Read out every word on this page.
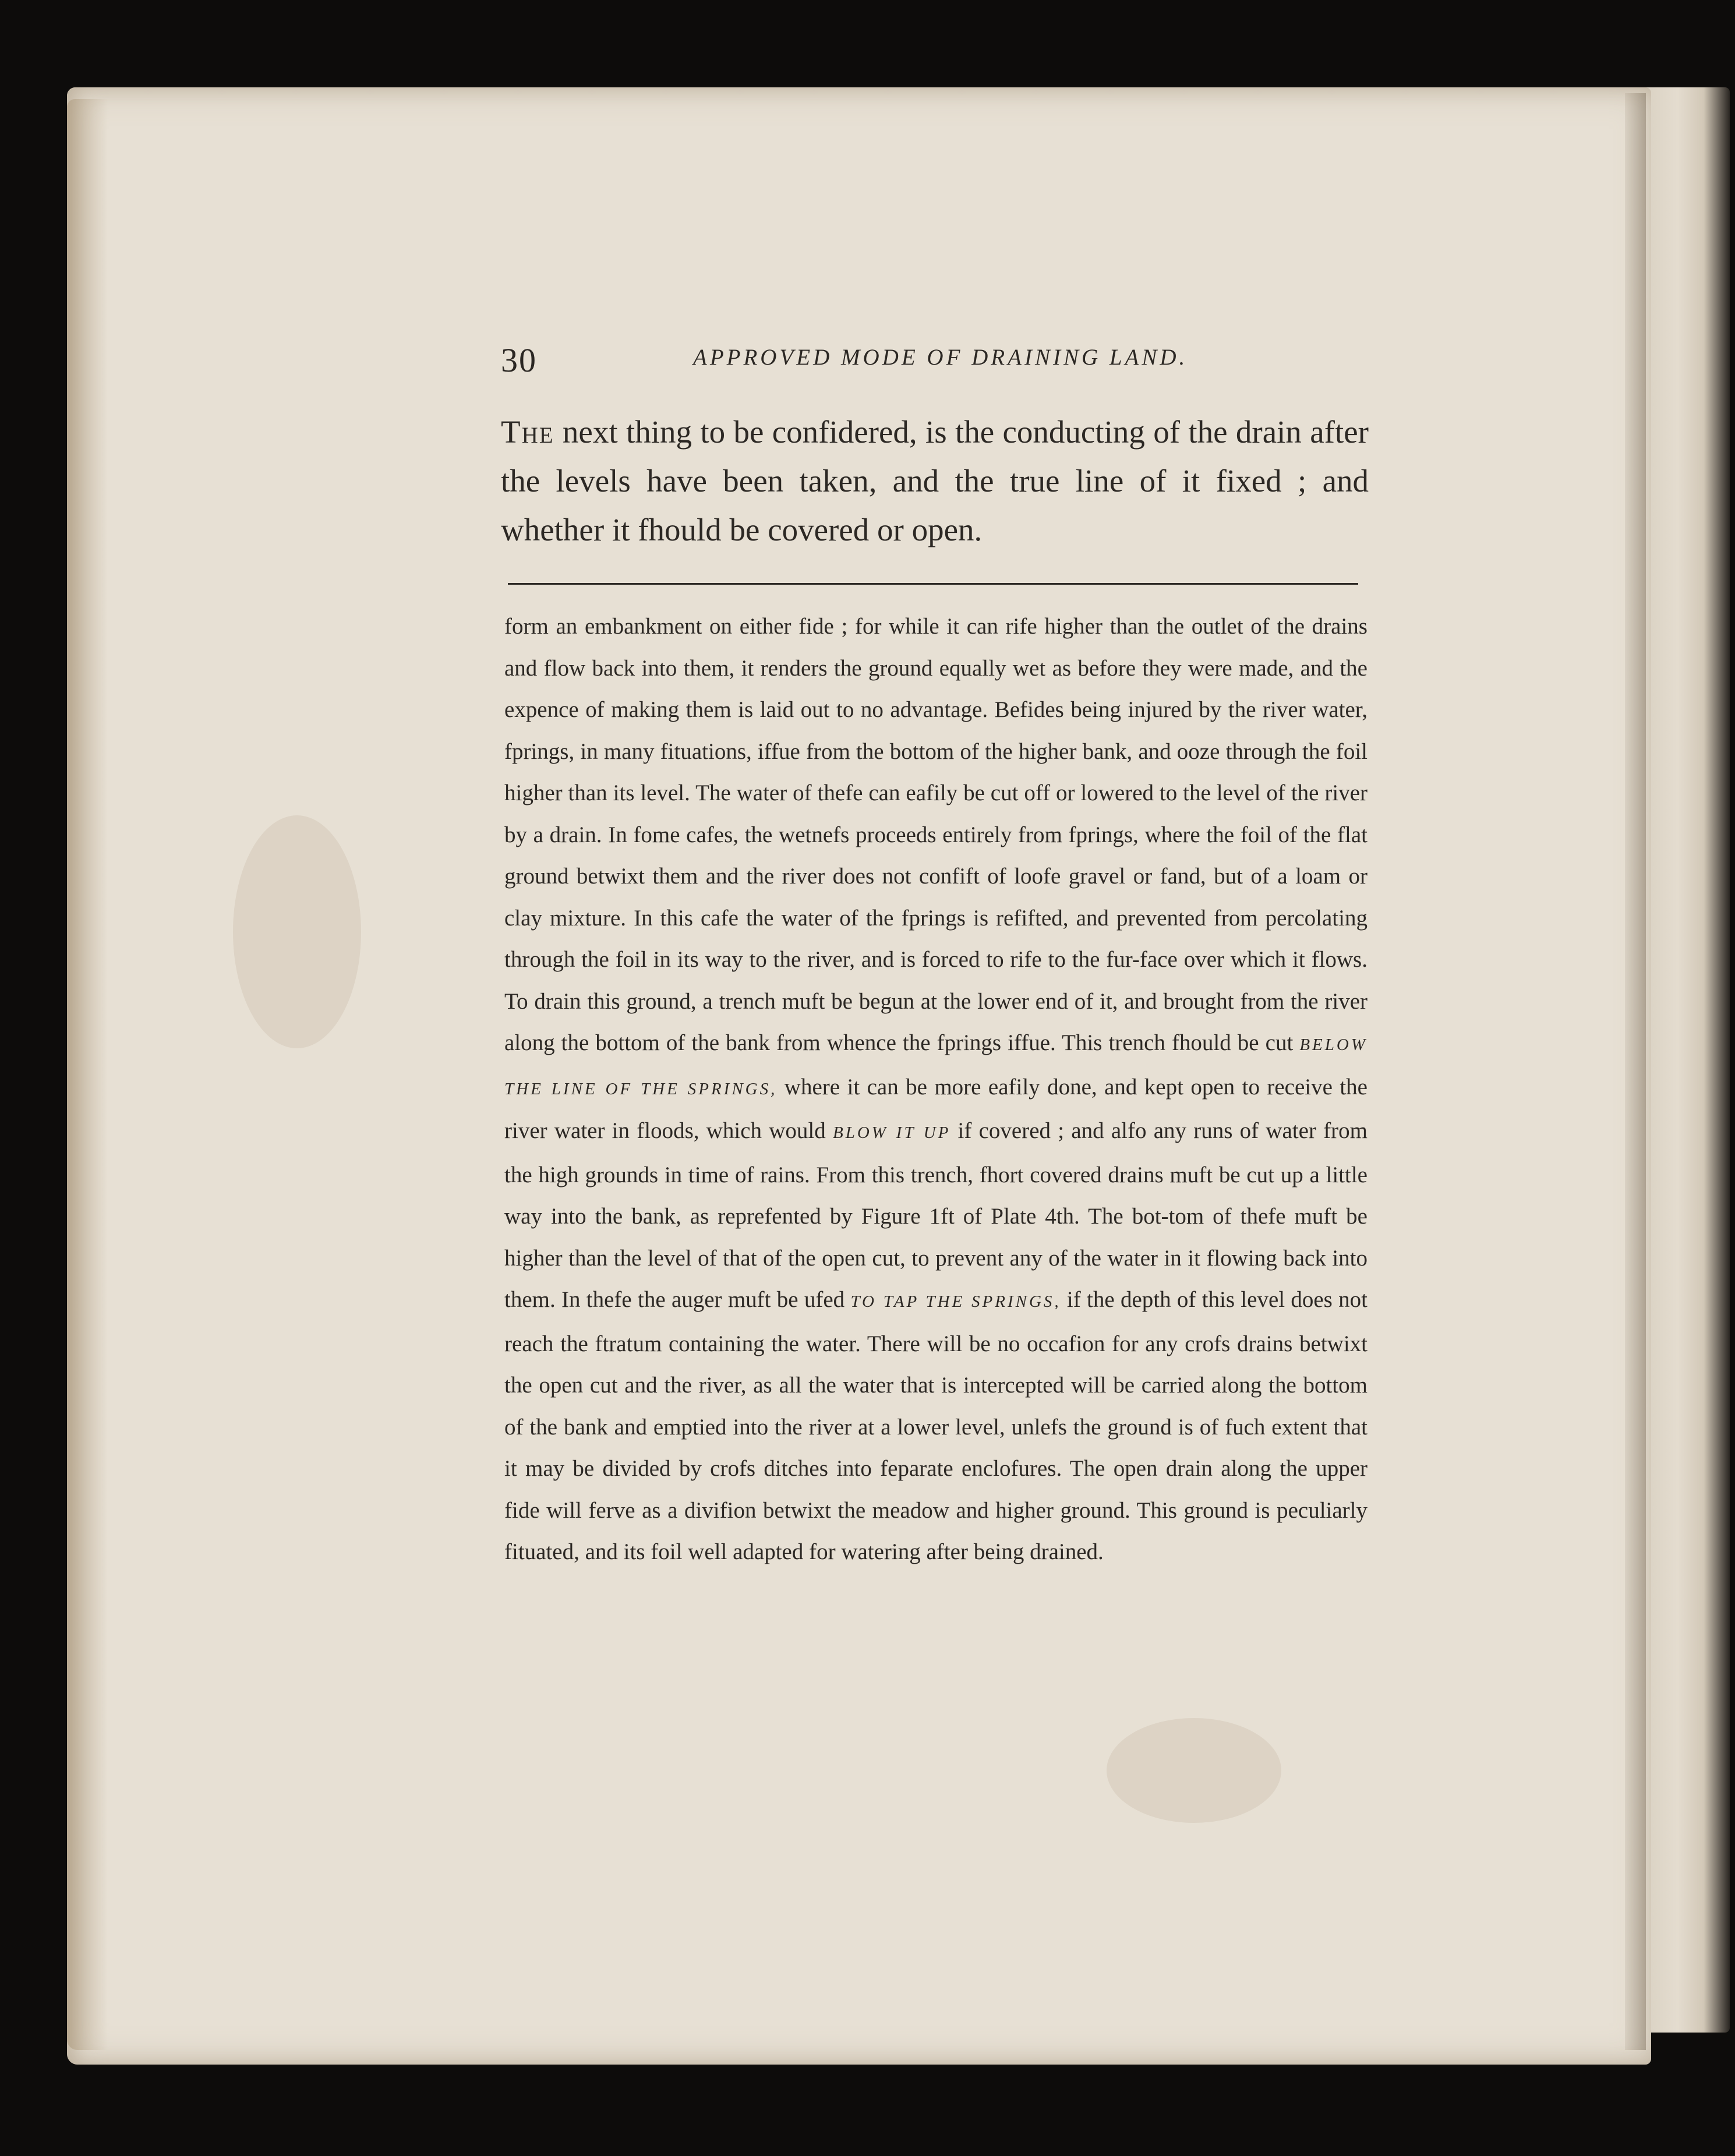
30	APPROVED MODE OF DRAINING LAND.
The next thing to be confidered, is the conducting of the drain after the levels have been taken, and the true line of it fixed ; and whether it fhould be covered or open.

form an embankment on either fide ; for while it can rife higher than the outlet of the drains and flow back into them, it renders the ground equally wet as before they were made, and the expence of making them is laid out to no advantage. Befides being injured by the river water, fprings, in many fituations, iffue from the bottom of the higher bank, and ooze through the foil higher than its level. The water of thefe can eafily be cut off or lowered to the level of the river by a drain. In fome cafes, the wetnefs proceeds entirely from fprings, where the foil of the flat ground betwixt them and the river does not confift of loofe gravel or fand, but of a loam or clay mixture. In this cafe the water of the fprings is refifted, and prevented from percolating through the foil in its way to the river, and is forced to rife to the fur-face over which it flows. To drain this ground, a trench muft be begun at the lower end of it, and brought from the river along the bottom of the bank from whence the fprings iffue. This trench fhould be cut BELOW THE LINE OF THE SPRINGS, where it can be more eafily done, and kept open to receive the river water in floods, which would BLOW IT UP if covered ; and alfo any runs of water from the high grounds in time of rains. From this trench, fhort covered drains muft be cut up a little way into the bank, as reprefented by Figure 1ft of Plate 4th. The bot-tom of thefe muft be higher than the level of that of the open cut, to prevent any of the water in it flowing back into them. In thefe the auger muft be ufed TO TAP THE SPRINGS, if the depth of this level does not reach the ftratum containing the water. There will be no occafion for any crofs drains betwixt the open cut and the river, as all the water that is intercepted will be carried along the bottom of the bank and emptied into the river at a lower level, unlefs the ground is of fuch extent that it may be divided by crofs ditches into feparate enclofures. The open drain along the upper fide will ferve as a divifion betwixt the meadow and higher ground. This ground is peculiarly fituated, and its foil well adapted for watering after being drained.
